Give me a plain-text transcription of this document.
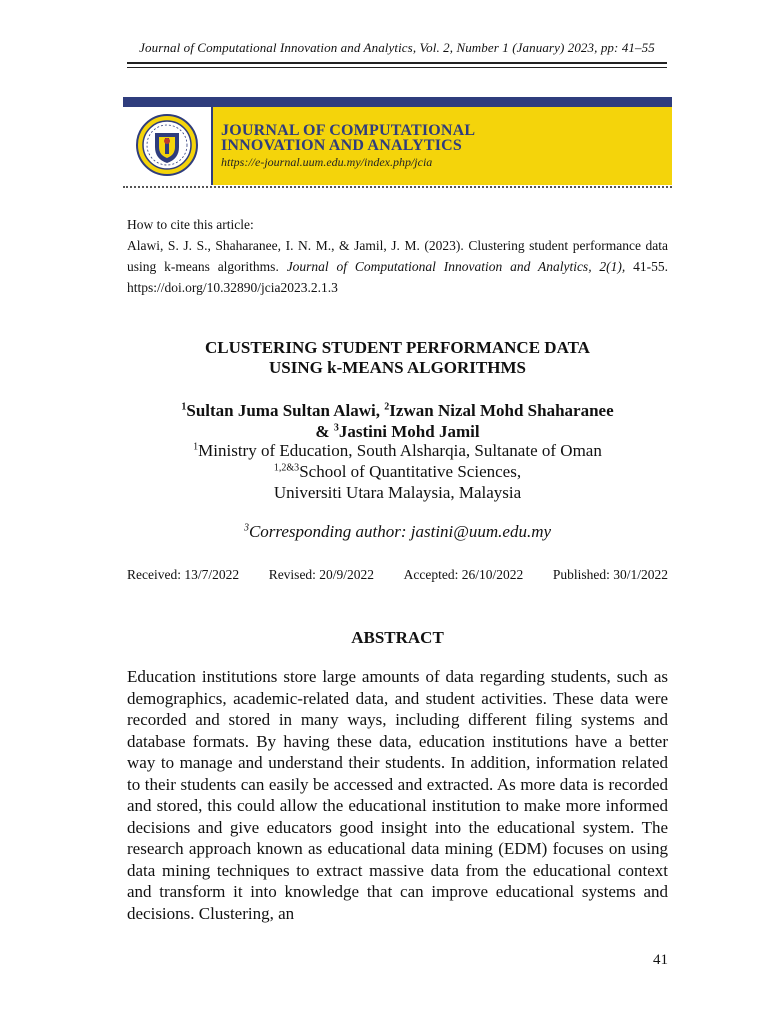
Journal of Computational Innovation and Analytics, Vol. 2, Number 1 (January) 2023, pp: 41–55
JOURNAL OF COMPUTATIONAL
INNOVATION AND ANALYTICS
https://e-journal.uum.edu.my/index.php/jcia

How to cite this article:

Alawi, S. J. S., Shaharanee, I. N. M., & Jamil, J. M. (2023). Clustering student performance data using k-means algorithms. Journal of Computational Innovation and Analytics, 2(1), 41-55. https://doi.org/10.32890/jcia2023.2.1.3

CLUSTERING STUDENT PERFORMANCE DATA
USING k-MEANS ALGORITHMS
$^1$Sultan Juma Sultan Alawi, $^2$Izwan Nizal Mohd Shaharanee
& $^3$Jastini Mohd Jamil
$^1$Ministry of Education, South Alsharqia, Sultanate of Oman
$^{1,2\&3}$School of Quantitative Sciences,
Universiti Utara Malaysia, Malaysia
$^3$Corresponding author: jastini@uum.edu.my
Received: 13/7/2022 Revised: 20/9/2022 Accepted: 26/10/2022 Published: 30/1/2022
ABSTRACT

Education institutions store large amounts of data regarding students, such as demographics, academic-related data, and student activities. These data were recorded and stored in many ways, including different filing systems and database formats. By having these data, education institutions have a better way to manage and understand their students. In addition, information related to their students can easily be accessed and extracted. As more data is recorded and stored, this could allow the educational institution to make more informed decisions and give educators good insight into the educational system. The research approach known as educational data mining (EDM) focuses on using data mining techniques to extract massive data from the educational context and transform it into knowledge that can improve educational systems and decisions. Clustering, an

41
